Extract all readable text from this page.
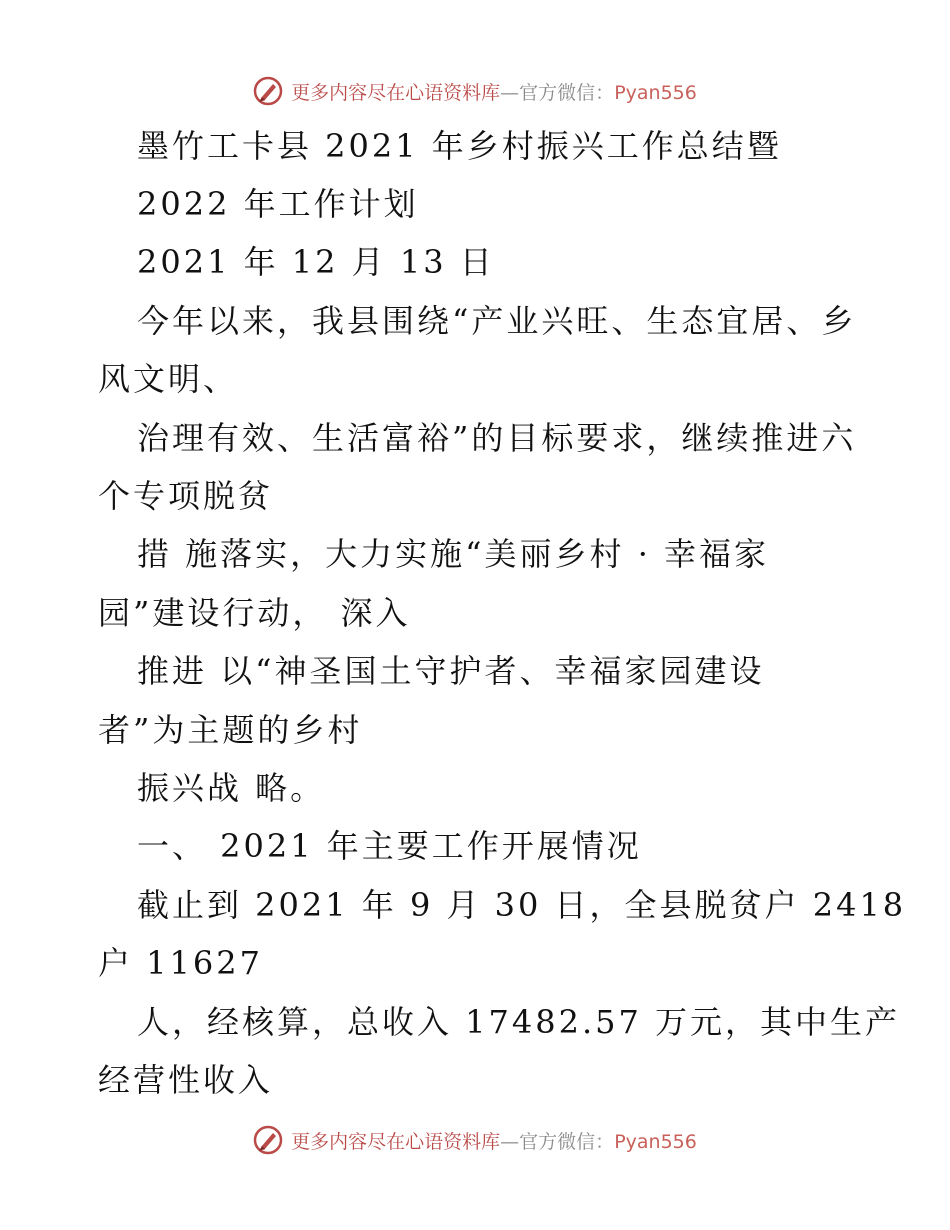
更多内容尽在心语资料库—官方微信：Pyan556
墨竹工卡县 2021 年乡村振兴工作总结暨
2022 年工作计划
2021 年 12 月 13 日
今年以来，我县围绕“产业兴旺、生态宜居、乡
风文明、
治理有效、生活富裕”的目标要求，继续推进六
个专项脱贫
措 施落实，大力实施“美丽乡村 · 幸福家
园”建设行动， 深入
推进 以“神圣国土守护者、幸福家园建设
者”为主题的乡村
振兴战 略。
一、 2021 年主要工作开展情况
截止到 2021 年 9 月 30 日，全县脱贫户 2418
户 11627
人，经核算，总收入 17482.57 万元，其中生产
经营性收入
更多内容尽在心语资料库—官方微信：Pyan556
